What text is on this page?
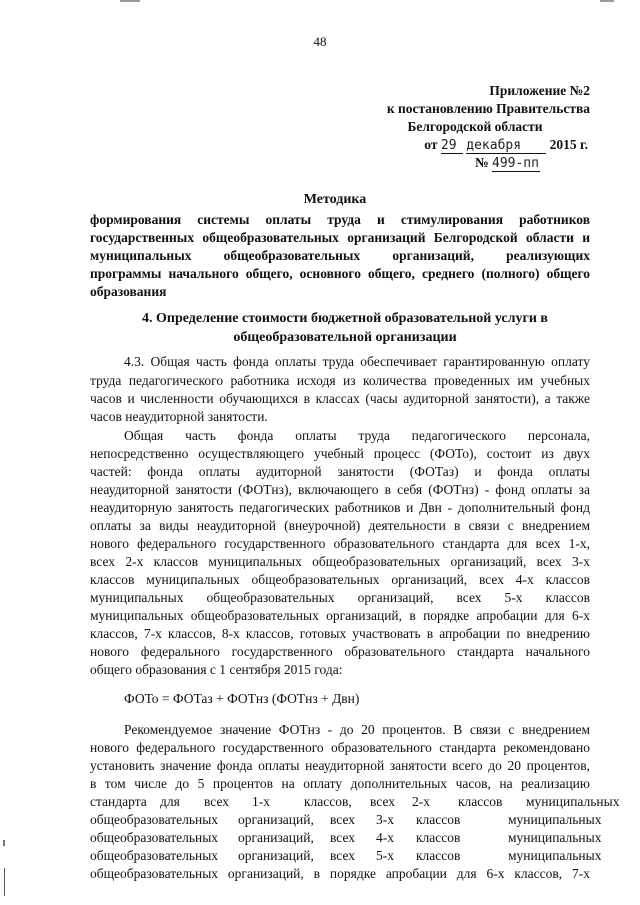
48
Приложение №2
к постановлению Правительства
Белгородской области
от 29 декабря 2015 г.
№ 499-пп
Методика
формирования системы оплаты труда и стимулирования работников
государственных общеобразовательных организаций Белгородской области и
муниципальных общеобразовательных организаций, реализующих
программы начального общего, основного общего, среднего (полного) общего
образования
4. Определение стоимости бюджетной образовательной услуги в
общеобразовательной организации
4.3. Общая часть фонда оплаты труда обеспечивает гарантированную оплату
труда педагогического работника исходя из количества проведенных им учебных
часов и численности обучающихся в классах (часы аудиторной занятости), а также
часов неаудиторной занятости.
Общая часть фонда оплаты труда педагогического персонала,
непосредственно осуществляющего учебный процесс (ФОТо), состоит из двух
частей: фонда оплаты аудиторной занятости (ФОТаз) и фонда оплаты
неаудиторной занятости (ФОТнз), включающего в себя (ФОТнз) - фонд оплаты за
неаудиторную занятость педагогических работников и Двн - дополнительный фонд
оплаты за виды неаудиторной (внеурочной) деятельности в связи с внедрением
нового федерального государственного образовательного стандарта для всех 1-х,
всех 2-х классов муниципальных общеобразовательных организаций, всех 3-х
классов муниципальных общеобразовательных организаций, всех 4-х классов
муниципальных общеобразовательных организаций, всех 5-х классов
муниципальных общеобразовательных организаций, в порядке апробации для 6-х
классов, 7-х классов, 8-х классов, готовых участвовать в апробации по внедрению
нового федерального государственного образовательного стандарта начального
общего образования с 1 сентября 2015 года:
ФОТо = ФОТаз + ФОТнз (ФОТнз + Двн)
Рекомендуемое значение ФОТнз - до 20 процентов. В связи с внедрением
нового федерального государственного образовательного стандарта рекомендовано
установить значение фонда оплаты неаудиторной занятости всего до 20 процентов,
в том числе до 5 процентов на оплату дополнительных часов, на реализацию
стандарта для	всех	1-х	классов,	всех	2-х	классов	муниципальных
общеобразовательных	организаций,	всех	3-х	классов	муниципальных
общеобразовательных	организаций,	всех	4-х	классов	муниципальных
общеобразовательных	организаций,	всех	5-х	классов	муниципальных
общеобразовательных организаций, в порядке апробации для 6-х классов, 7-х
